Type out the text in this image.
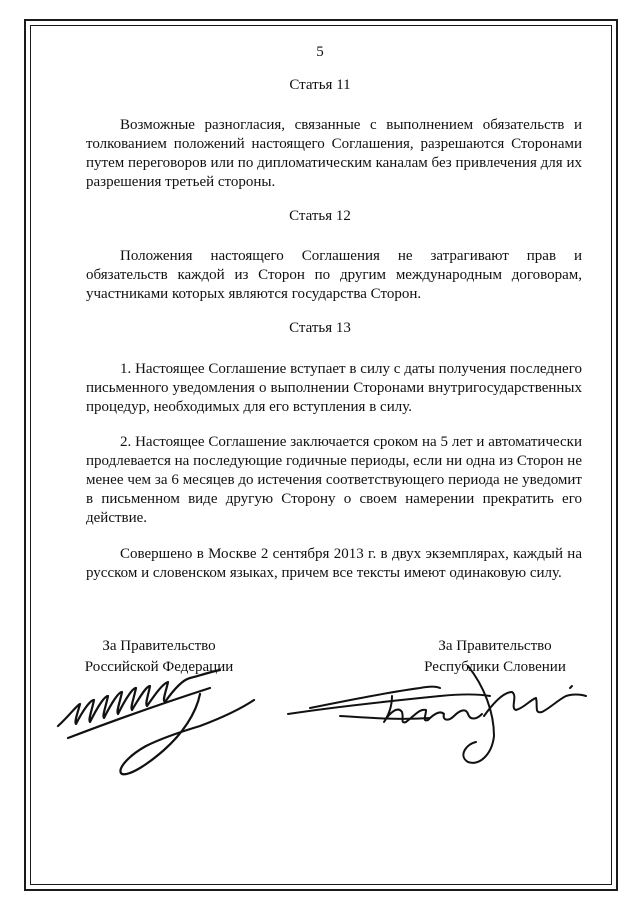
5
Статья 11

Возможные разногласия, связанные с выполнением обязательств и толкованием положений настоящего Соглашения, разрешаются Сторонами путем переговоров или по дипломатическим каналам без привлечения для их разрешения третьей стороны.

Статья 12

Положения настоящего Соглашения не затрагивают прав и обязательств каждой из Сторон по другим международным договорам, участниками которых являются государства Сторон.

Статья 13

1. Настоящее Соглашение вступает в силу с даты получения последнего письменного уведомления о выполнении Сторонами внутригосударственных процедур, необходимых для его вступления в силу.

2. Настоящее Соглашение заключается сроком на 5 лет и автоматически продлевается на последующие годичные периоды, если ни одна из Сторон не менее чем за 6 месяцев до истечения соответствующего периода не уведомит в письменном виде другую Сторону о своем намерении прекратить его действие.

Совершено в Москве 2 сентября 2013 г. в двух экземплярах, каждый на русском и словенском языках, причем все тексты имеют одинаковую силу.

За Правительство
Российской Федерации
За Правительство
Республики Словении
